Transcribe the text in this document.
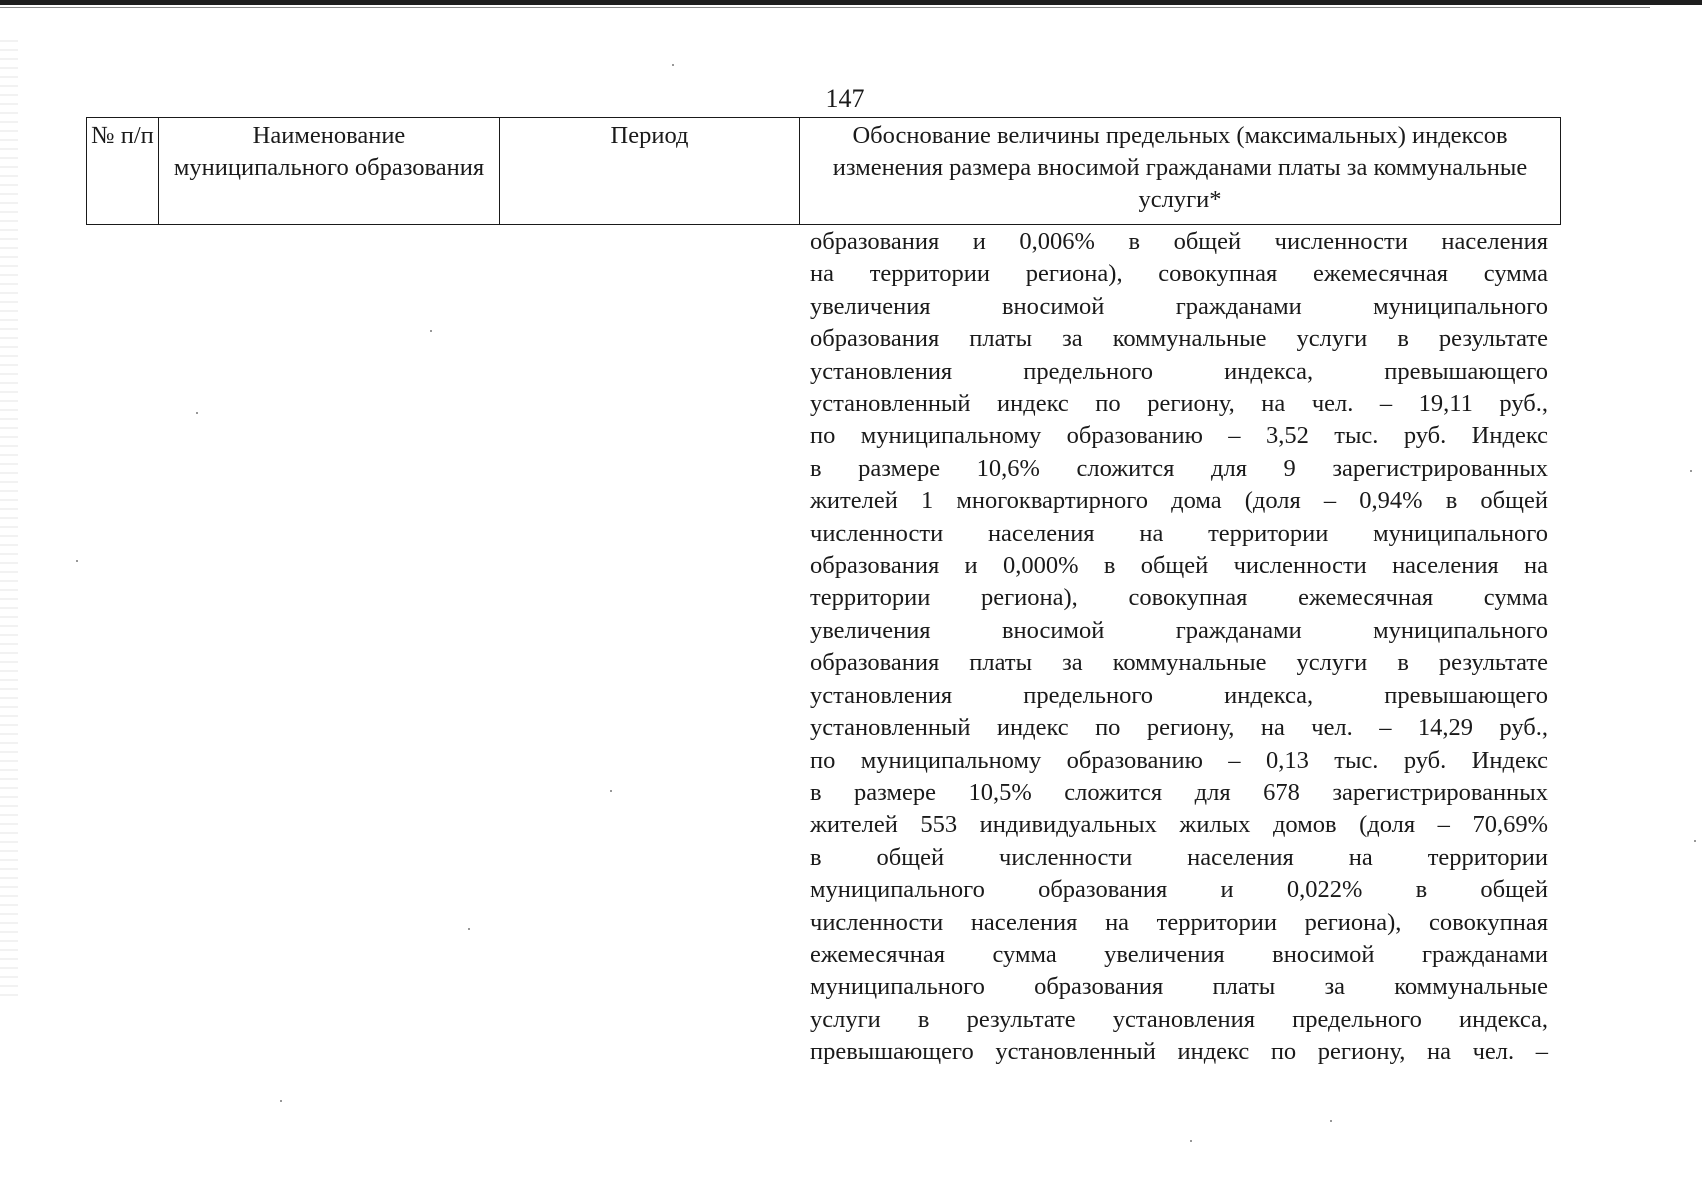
147
№ п/п	Наименование муниципального образования	Период	Обоснование величины предельных (максимальных) индексов изменения размера вносимой гражданами платы за коммунальные услуги*
образования и 0,006% в общей численности населения
на территории региона), совокупная ежемесячная сумма
увеличения вносимой гражданами муниципального
образования платы за коммунальные услуги в результате
установления предельного индекса, превышающего
установленный индекс по региону, на чел. – 19,11 руб.,
по муниципальному образованию – 3,52 тыс. руб. Индекс
в размере 10,6% сложится для 9 зарегистрированных
жителей 1 многоквартирного дома (доля – 0,94% в общей
численности населения на территории муниципального
образования и 0,000% в общей численности населения на
территории региона), совокупная ежемесячная сумма
увеличения вносимой гражданами муниципального
образования платы за коммунальные услуги в результате
установления предельного индекса, превышающего
установленный индекс по региону, на чел. – 14,29 руб.,
по муниципальному образованию – 0,13 тыс. руб. Индекс
в размере 10,5% сложится для 678 зарегистрированных
жителей 553 индивидуальных жилых домов (доля – 70,69%
в общей численности населения на территории
муниципального образования и 0,022% в общей
численности населения на территории региона), совокупная
ежемесячная сумма увеличения вносимой гражданами
муниципального образования платы за коммунальные
услуги в результате установления предельного индекса,
превышающего установленный индекс по региону, на чел. –
